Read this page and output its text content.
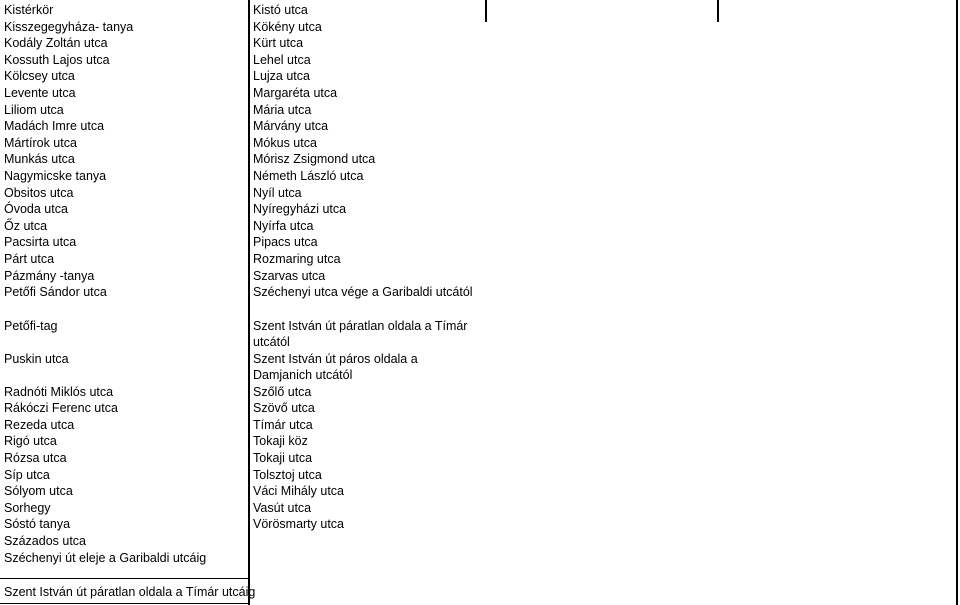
Kistérkör
Kisszegegyháza- tanya
Kodály Zoltán utca
Kossuth Lajos utca
Kölcsey utca
Levente utca
Liliom utca
Madách Imre utca
Mártírok utca
Munkás utca
Nagymicske tanya
Obsitos utca
Óvoda utca
Őz utca
Pacsirta utca
Párt utca
Pázmány -tanya
Petőfi Sándor utca
Petőfi-tag
Puskin utca
Radnóti Miklós utca
Rákóczi Ferenc utca
Rezeda utca
Rigó utca
Rózsa utca
Síp utca
Sólyom utca
Sorhegy
Sóstó tanya
Százados utca
Széchenyi út eleje a Garibaldi utcáig
Szent István út páratlan oldala a Tímár utcáig
Kistó utca
Kökény utca
Kürt utca
Lehel utca
Lujza utca
Margaréta utca
Mária utca
Márvány utca
Mókus utca
Mórisz Zsigmond utca
Németh László utca
Nyíl utca
Nyíregyházi utca
Nyírfa utca
Pipacs utca
Rozmaring utca
Szarvas utca
Széchenyi utca vége a Garibaldi utcától
Szent István út páratlan oldala a Tímár utcától
Szent István út páros oldala a Damjanich utcától
Szőlő utca
Szövő utca
Tímár utca
Tokaji köz
Tokaji utca
Tolsztoj utca
Váci Mihály utca
Vasút utca
Vörösmarty utca
